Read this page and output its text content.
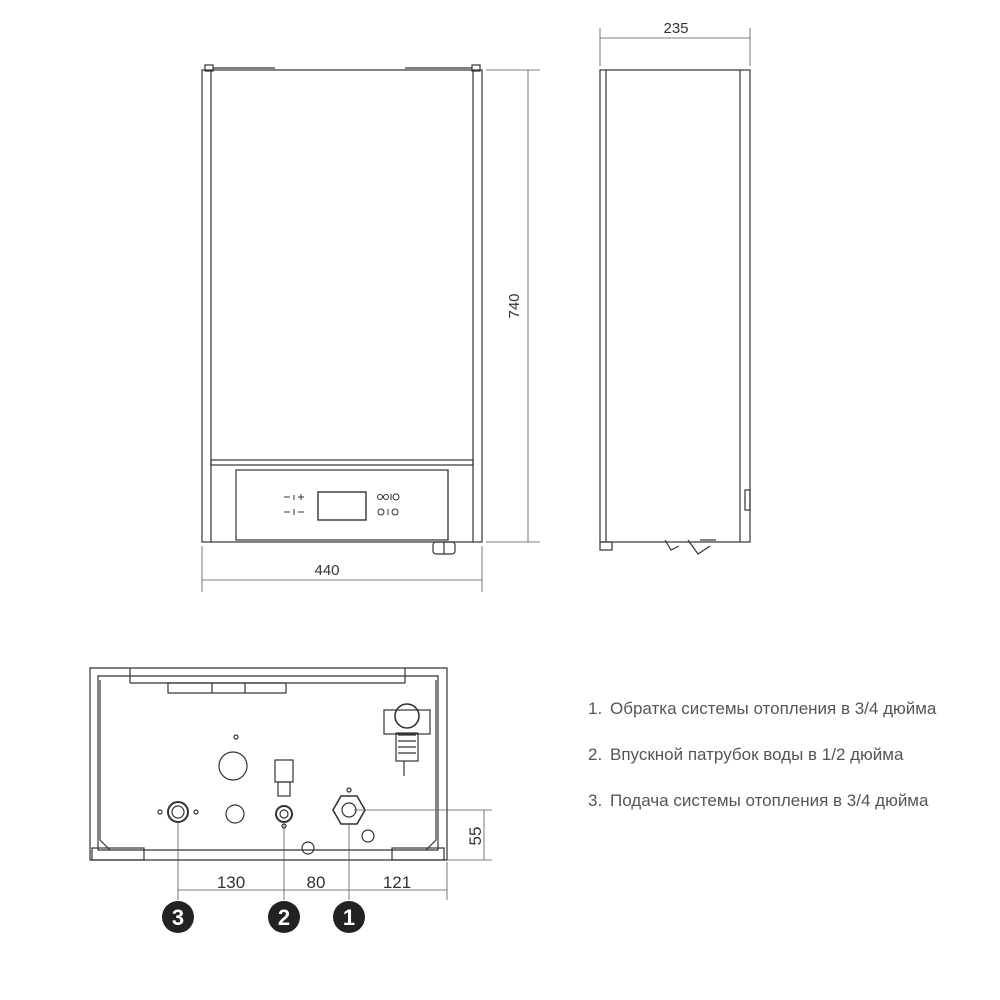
440
740
235
130	80	121
55
3	2 1
1. Обратка системы отопления в 3/4 дюйма
2. Впускной патрубок воды в 1/2 дюйма
3. Подача системы отопления в 3/4 дюйма
